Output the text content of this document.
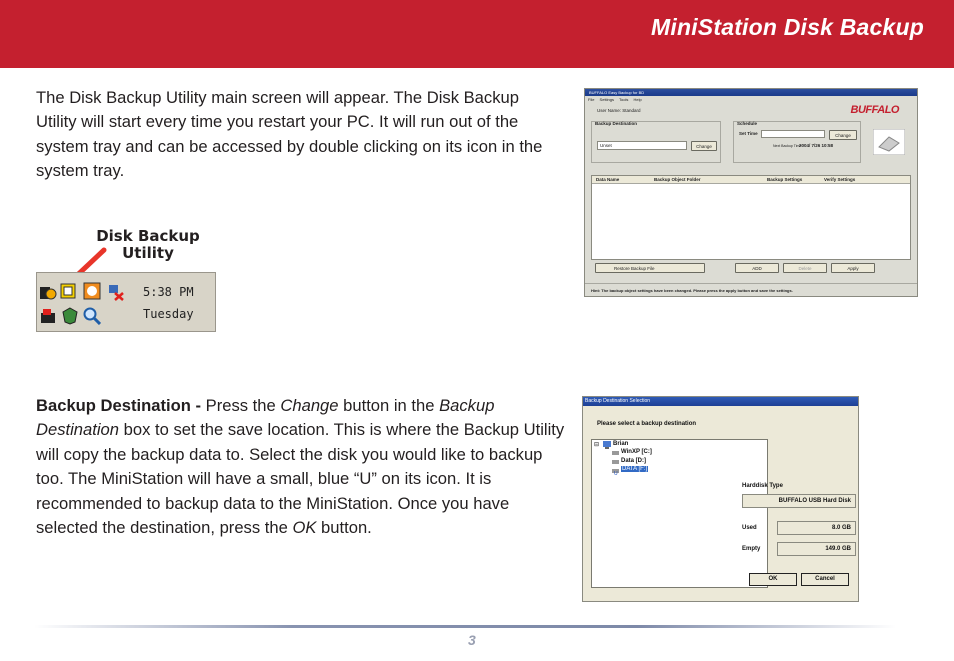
MiniStation Disk Backup
The Disk Backup Utility main screen will appear. The Disk Backup Utility will start every time you restart your PC. It will run out of the system tray and can be accessed by double clicking on its icon in the system tray.
Disk Backup
Utility
5:38 PM
Tuesday
BUFFALO Easy Backup for BD
File Settings Tools Help
User Name: Standard	BUFFALO
Backup Destination
Unset	Change
Schedule
Set Time	Change
Next Backup Time
2004/ 7/26 10:58
Data Name	Backup Object Folder	Backup Settings	Verify Settings
Restore Backup File	ADD	Delete	Apply
Hint: The backup object settings have been changed. Please press the apply button and save the settings.
Backup Destination - Press the Change button in the Backup Destination box to set the save location. This is where the Backup Utility will copy the backup data to. Select the disk you would like to backup too. The MiniStation will have a small, blue “U” on its icon. It is recommended to backup data to the MiniStation. Once you have selected the destination, press the OK button.
Backup Destination Selection
Please select a backup destination
⊟ Brian
WinXP [C:]
Data [D:]
U
DATA [F:]
Harddisk Type
BUFFALO USB Hard Disk
Used	8.0 GB
Empty	149.0 GB
OK	Cancel
3
